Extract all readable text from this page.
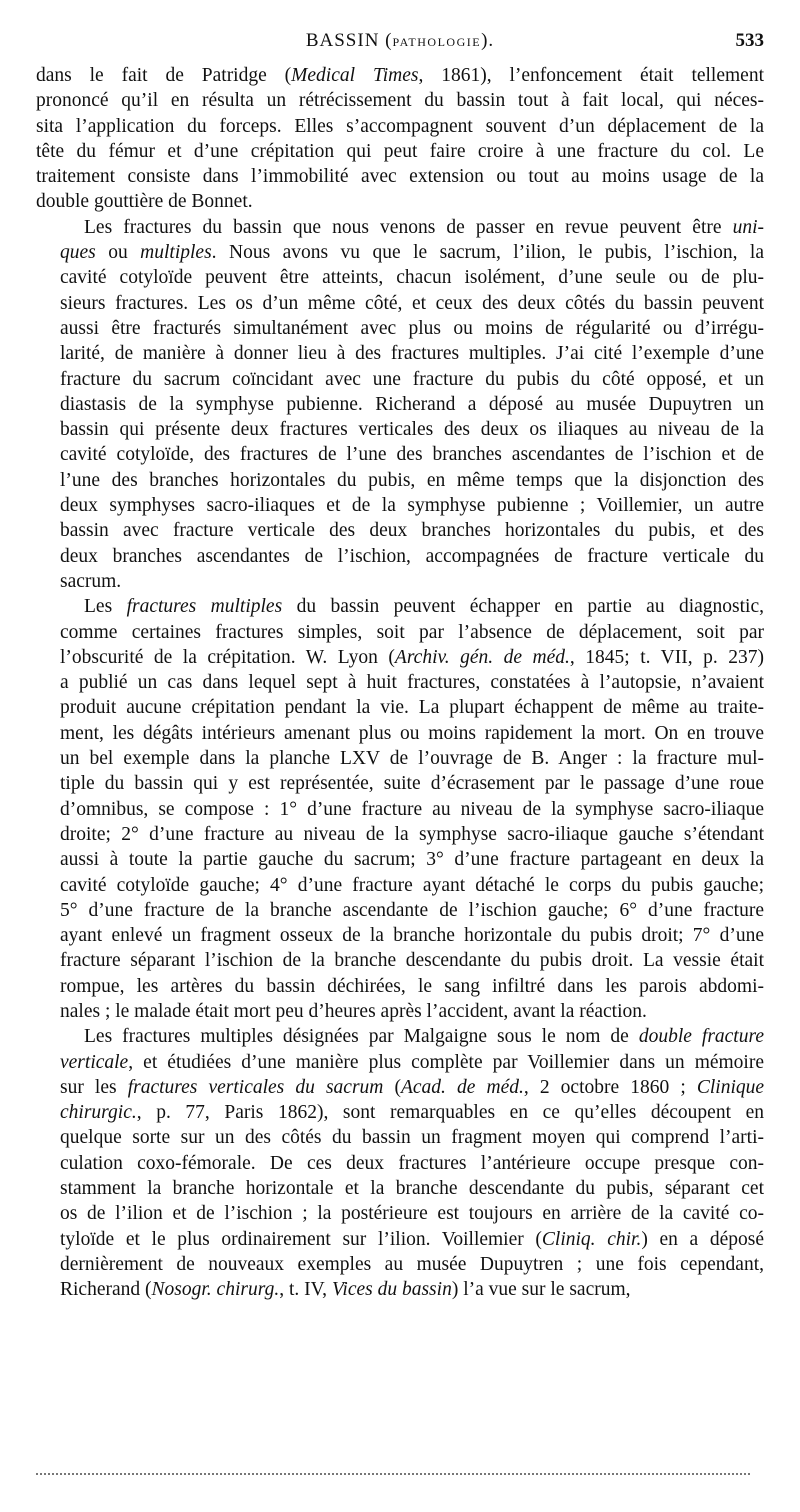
BASSIN (PATHOLOGIE).	533
dans le fait de Patridge (Medical Times, 1861), l’enfoncement était tellement
prononcé qu’il en résulta un rétrécissement du bassin tout à fait local, qui néces-
sita l’application du forceps. Elles s’accompagnent souvent d’un déplacement de la
tête du fémur et d’une crépitation qui peut faire croire à une fracture du col. Le
traitement consiste dans l’immobilité avec extension ou tout au moins usage de la
double gouttière de Bonnet.
Les fractures du bassin que nous venons de passer en revue peuvent être uni-
ques ou multiples. Nous avons vu que le sacrum, l’ilion, le pubis, l’ischion, la
cavité cotyloïde peuvent être atteints, chacun isolément, d’une seule ou de plu-
sieurs fractures. Les os d’un même côté, et ceux des deux côtés du bassin peuvent
aussi être fracturés simultanément avec plus ou moins de régularité ou d’irrégu-
larité, de manière à donner lieu à des fractures multiples. J’ai cité l’exemple d’une
fracture du sacrum coïncidant avec une fracture du pubis du côté opposé, et un
diastasis de la symphyse pubienne. Richerand a déposé au musée Dupuytren un
bassin qui présente deux fractures verticales des deux os iliaques au niveau de la
cavité cotyloïde, des fractures de l’une des branches ascendantes de l’ischion et de
l’une des branches horizontales du pubis, en même temps que la disjonction des
deux symphyses sacro-iliaques et de la symphyse pubienne ; Voillemier, un autre
bassin avec fracture verticale des deux branches horizontales du pubis, et des
deux branches ascendantes de l’ischion, accompagnées de fracture verticale du
sacrum.
Les fractures multiples du bassin peuvent échapper en partie au diagnostic,
comme certaines fractures simples, soit par l’absence de déplacement, soit par
l’obscurité de la crépitation. W. Lyon (Archiv. gén. de méd., 1845; t. VII, p. 237)
a publié un cas dans lequel sept à huit fractures, constatées à l’autopsie, n’avaient
produit aucune crépitation pendant la vie. La plupart échappent de même au traite-
ment, les dégâts intérieurs amenant plus ou moins rapidement la mort. On en trouve
un bel exemple dans la planche LXV de l’ouvrage de B. Anger : la fracture mul-
tiple du bassin qui y est représentée, suite d’écrasement par le passage d’une roue
d’omnibus, se compose : 1° d’une fracture au niveau de la symphyse sacro-iliaque
droite; 2° d’une fracture au niveau de la symphyse sacro-iliaque gauche s’étendant
aussi à toute la partie gauche du sacrum; 3° d’une fracture partageant en deux la
cavité cotyloïde gauche; 4° d’une fracture ayant détaché le corps du pubis gauche;
5° d’une fracture de la branche ascendante de l’ischion gauche; 6° d’une fracture
ayant enlevé un fragment osseux de la branche horizontale du pubis droit; 7° d’une
fracture séparant l’ischion de la branche descendante du pubis droit. La vessie était
rompue, les artères du bassin déchirées, le sang infiltré dans les parois abdomi-
nales ; le malade était mort peu d’heures après l’accident, avant la réaction.
Les fractures multiples désignées par Malgaigne sous le nom de double fracture
verticale, et étudiées d’une manière plus complète par Voillemier dans un mémoire
sur les fractures verticales du sacrum (Acad. de méd., 2 octobre 1860 ; Clinique
chirurgic., p. 77, Paris 1862), sont remarquables en ce qu’elles découpent en
quelque sorte sur un des côtés du bassin un fragment moyen qui comprend l’arti-
culation coxo-fémorale. De ces deux fractures l’antérieure occupe presque con-
stamment la branche horizontale et la branche descendante du pubis, séparant cet
os de l’ilion et de l’ischion ; la postérieure est toujours en arrière de la cavité co-
tyloïde et le plus ordinairement sur l’ilion. Voillemier (Cliniq. chir.) en a déposé
dernièrement de nouveaux exemples au musée Dupuytren ; une fois cependant,
Richerand (Nosogr. chirurg., t. IV, Vices du bassin) l’a vue sur le sacrum,
